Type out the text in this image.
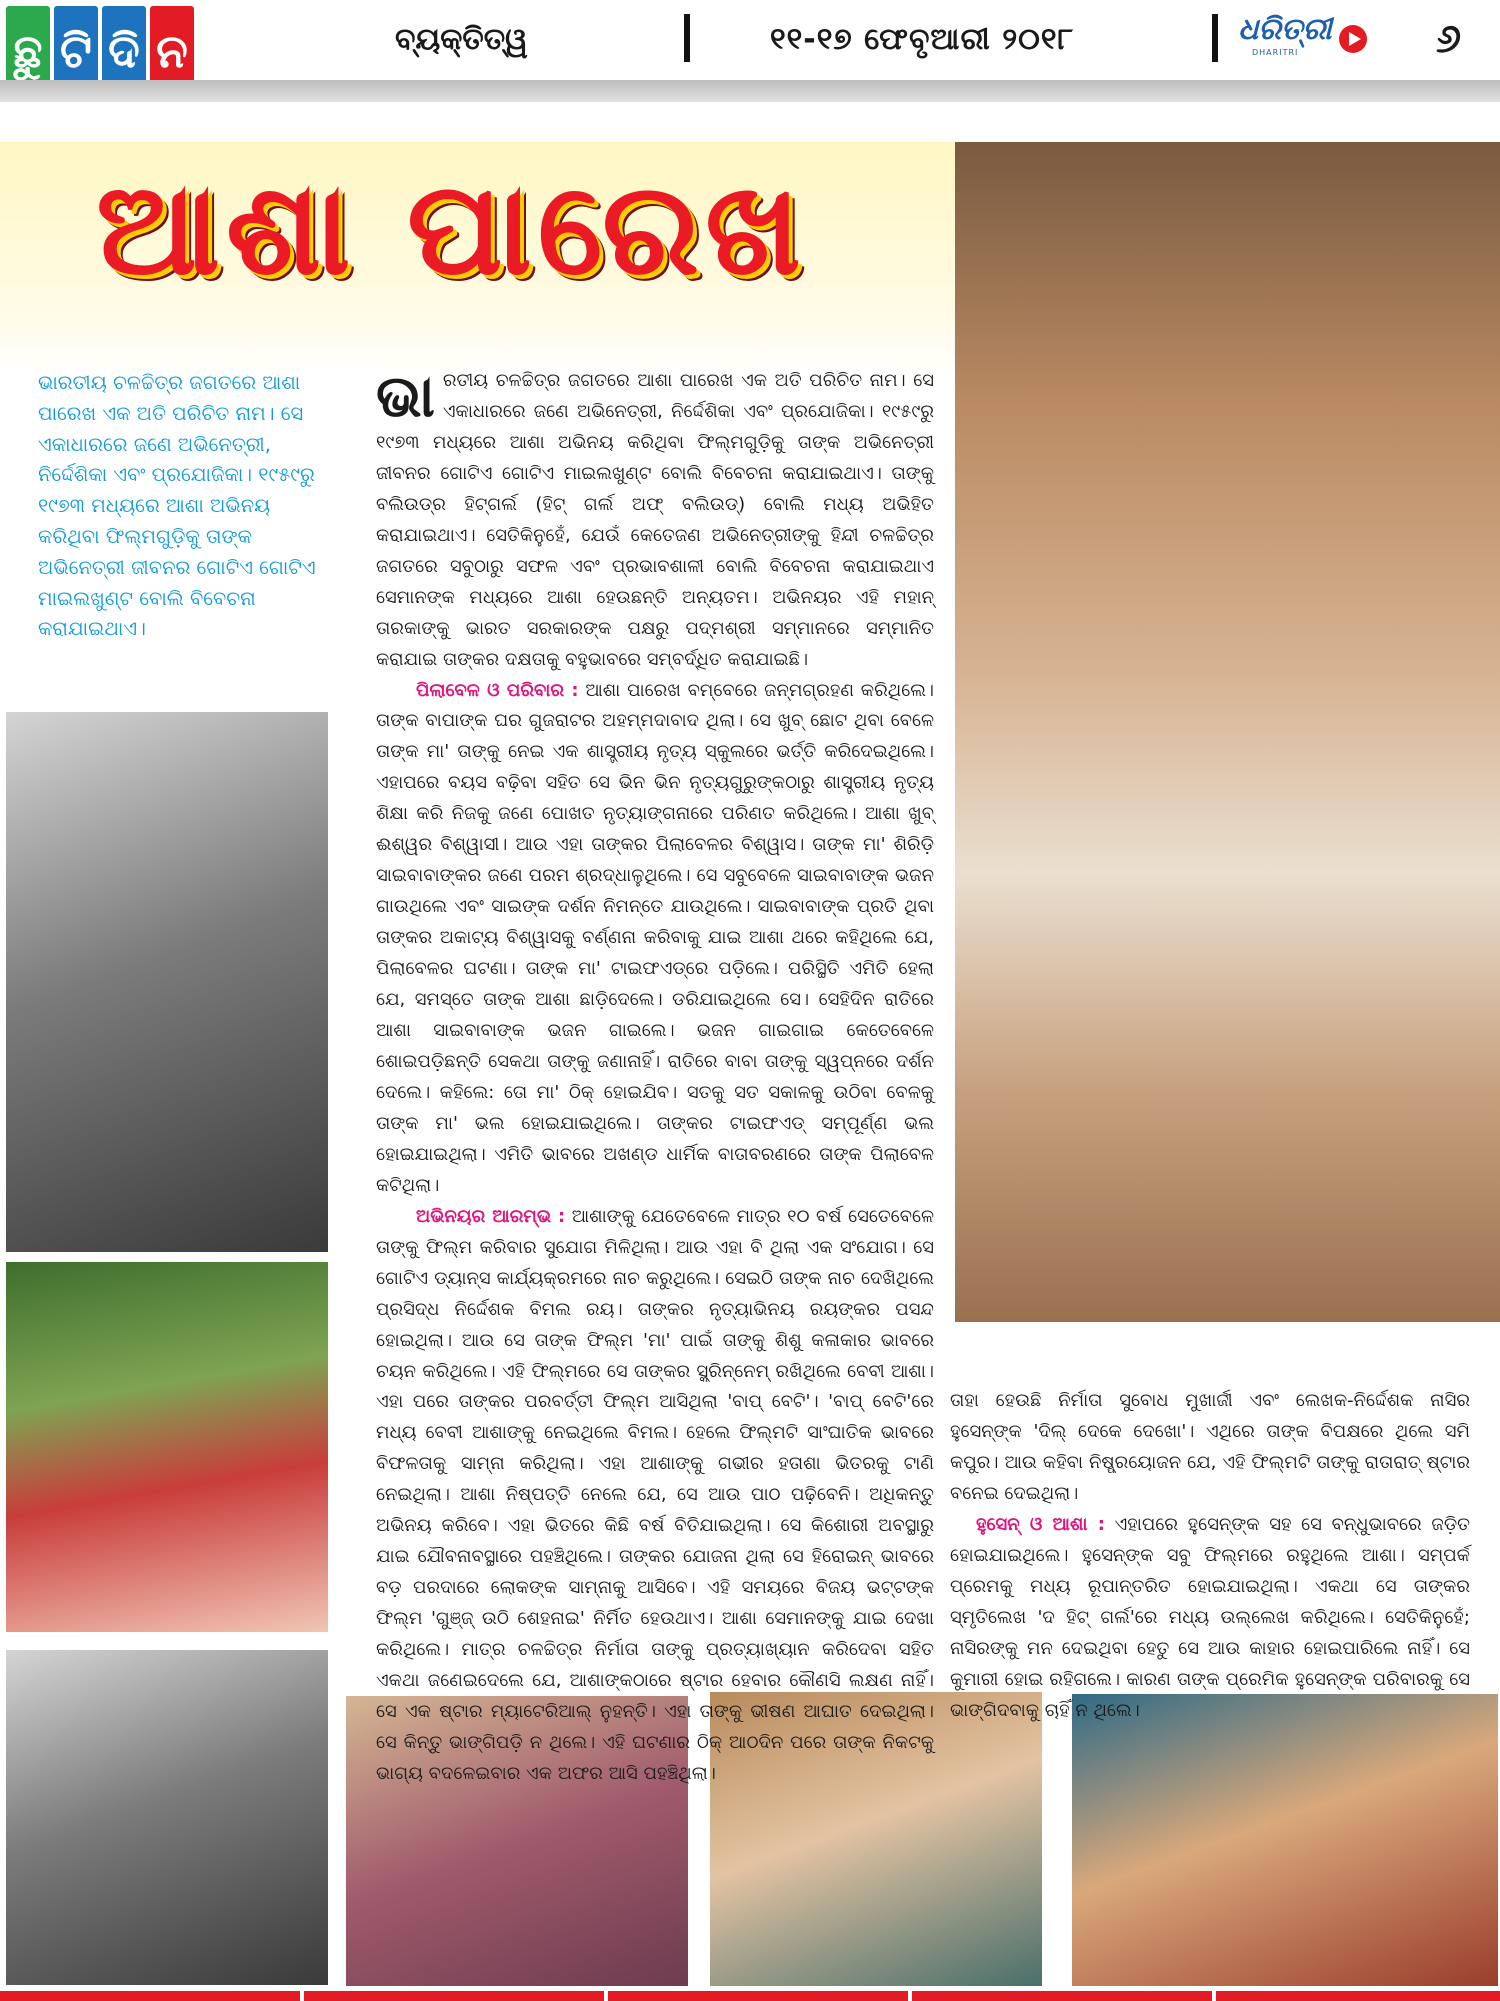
ଛୁ ଟି ଦି ନ	ବ୍ୟକ୍ତିତ୍ୱ	୧୧-୧୭ ଫେବୃଆରୀ ୨୦୧୮	ଧରିତ୍ରୀ
DHARITRI	୬
ଆଶା ପାରେଖ

ଭାରତୀୟ ଚଳଚ୍ଚିତ୍ର ଜଗତରେ ଆଶା ପାରେଖ ଏକ ଅତି ପରିଚିତ ନାମ। ସେ ଏକାଧାରରେ ଜଣେ ଅଭିନେତ୍ରୀ, ନିର୍ଦ୍ଦେଶିକା ଏବଂ ପ୍ରଯୋଜିକା। ୧୯୫୯ରୁ ୧୯୭୩ ମଧ୍ୟରେ ଆଶା ଅଭିନୟ କରିଥିବା ଫିଲ୍ମଗୁଡ଼ିକୁ ତାଙ୍କ ଅଭିନେତ୍ରୀ ଜୀବନର ଗୋଟିଏ ଗୋଟିଏ ମାଇଲଖୁଣ୍ଟ ବୋଲି ବିବେଚନା କରାଯାଇଥାଏ।

ଭାରତୀୟ ଚଳଚ୍ଚିତ୍ର ଜଗତରେ ଆଶା ପାରେଖ ଏକ ଅତି ପରିଚିତ ନାମ। ସେ ଏକାଧାରରେ ଜଣେ ଅଭିନେତ୍ରୀ, ନିର୍ଦ୍ଦେଶିକା ଏବଂ ପ୍ରଯୋଜିକା। ୧୯୫୯ରୁ ୧୯୭୩ ମଧ୍ୟରେ ଆଶା ଅଭିନୟ କରିଥିବା ଫିଲ୍ମଗୁଡ଼ିକୁ ତାଙ୍କ ଅଭିନେତ୍ରୀ ଜୀବନର ଗୋଟିଏ ଗୋଟିଏ ମାଇଲଖୁଣ୍ଟ ବୋଲି ବିବେଚନା କରାଯାଇଥାଏ। ତାଙ୍କୁ ବଲିଉଡ୍‌ର ହିଟ୍‌ଗର୍ଲ (ହିଟ୍ ଗର୍ଲ ଅଫ୍ ବଲିଉଡ୍) ବୋଲି ମଧ୍ୟ ଅଭିହିତ କରାଯାଇଥାଏ। ସେତିକିନୁହେଁ, ଯେଉଁ କେତେଜଣ ଅଭିନେତ୍ରୀଙ୍କୁ ହିନ୍ଦୀ ଚଳଚ୍ଚିତ୍ର ଜଗତରେ ସବୁଠାରୁ ସଫଳ ଏବଂ ପ୍ରଭାବଶାଳୀ ବୋଲି ବିବେଚନା କରାଯାଇଥାଏ ସେମାନଙ୍କ ମଧ୍ୟରେ ଆଶା ହେଉଛନ୍ତି ଅନ୍ୟତମ। ଅଭିନୟର ଏହି ମହାନ୍ ତାରକାଙ୍କୁ ଭାରତ ସରକାରଙ୍କ ପକ୍ଷରୁ ପଦ୍ମଶ୍ରୀ ସମ୍ମାନରେ ସମ୍ମାନିତ କରାଯାଇ ତାଙ୍କର ଦକ୍ଷତାକୁ ବହୁଭାବରେ ସମ୍ବର୍ଦ୍ଧିତ କରାଯାଇଛି।

ପିଲାବେଳ ଓ ପରିବାର : ଆଶା ପାରେଖ ବମ୍ବେରେ ଜନ୍ମଗ୍ରହଣ କରିଥିଲେ। ତାଙ୍କ ବାପାଙ୍କ ଘର ଗୁଜରାଟର ଅହମ୍ମଦାବାଦ ଥିଲା। ସେ ଖୁବ୍ ଛୋଟ ଥିବା ବେଳେ ତାଙ୍କ ମା' ତାଙ୍କୁ ନେଇ ଏକ ଶାସ୍ତ୍ରୀୟ ନୃତ୍ୟ ସ୍କୁଲରେ ଭର୍ତ୍ତି କରିଦେଇଥିଲେ। ଏହାପରେ ବୟସ ବଢ଼ିବା ସହିତ ସେ ଭିନ ଭିନ ନୃତ୍ୟଗୁରୁଙ୍କଠାରୁ ଶାସ୍ତ୍ରୀୟ ନୃତ୍ୟ ଶିକ୍ଷା କରି ନିଜକୁ ଜଣେ ପୋଖତ ନୃତ୍ୟାଙ୍ଗନାରେ ପରିଣତ କରିଥିଲେ। ଆଶା ଖୁବ୍ ଈଶ୍ୱର ବିଶ୍ୱାସୀ। ଆଉ ଏହା ତାଙ୍କର ପିଲାବେଳର ବିଶ୍ୱାସ। ତାଙ୍କ ମା' ଶିରିଡ଼ି ସାଇବାବାଙ୍କର ଜଣେ ପରମ ଶ୍ରଦ୍ଧାଳୁଥିଲେ। ସେ ସବୁବେଳେ ସାଇବାବାଙ୍କ ଭଜନ ଗାଉଥିଲେ ଏବଂ ସାଇଙ୍କ ଦର୍ଶନ ନିମନ୍ତେ ଯାଉଥିଲେ। ସାଇବାବାଙ୍କ ପ୍ରତି ଥିବା ତାଙ୍କର ଅକାଟ୍ୟ ବିଶ୍ୱାସକୁ ବର୍ଣ୍ଣନା କରିବାକୁ ଯାଇ ଆଶା ଥରେ କହିଥିଲେ ଯେ, ପିଲାବେଳର ଘଟଣା। ତାଙ୍କ ମା' ଟାଇଫଏଡ୍‌ରେ ପଡ଼ିଲେ। ପରିସ୍ଥିତି ଏମିତି ହେଲା ଯେ, ସମସ୍ତେ ତାଙ୍କ ଆଶା ଛାଡ଼ିଦେଲେ। ଡରିଯାଇଥିଲେ ସେ। ସେହିଦିନ ରାତିରେ ଆଶା ସାଇବାବାଙ୍କ ଭଜନ ଗାଇଲେ। ଭଜନ ଗାଇଗାଇ କେତେବେଳେ ଶୋଇପଡ଼ିଛନ୍ତି ସେକଥା ତାଙ୍କୁ ଜଣାନାହିଁ। ରାତିରେ ବାବା ତାଙ୍କୁ ସ୍ୱପ୍ନରେ ଦର୍ଶନ ଦେଲେ। କହିଲେ: ତୋ ମା' ଠିକ୍ ହୋଇଯିବ। ସତକୁ ସତ ସକାଳକୁ ଉଠିବା ବେଳକୁ ତାଙ୍କ ମା' ଭଲ ହୋଇଯାଇଥିଲେ। ତାଙ୍କର ଟାଇଫଏଡ୍ ସମ୍ପୂର୍ଣ୍ଣ ଭଲ ହୋଇଯାଇଥିଲା। ଏମିତି ଭାବରେ ଅଖଣ୍ଡ ଧାର୍ମିକ ବାତାବରଣରେ ତାଙ୍କ ପିଲାବେଳ କଟିଥିଲା।

ଅଭିନୟର ଆରମ୍ଭ : ଆଶାଙ୍କୁ ଯେତେବେଳେ ମାତ୍ର ୧୦ ବର୍ଷ ସେତେବେଳେ ତାଙ୍କୁ ଫିଲ୍ମ କରିବାର ସୁଯୋଗ ମିଳିଥିଲା। ଆଉ ଏହା ବି ଥିଲା ଏକ ସଂଯୋଗ। ସେ ଗୋଟିଏ ଡ୍ୟାନ୍ସ କାର୍ଯ୍ୟକ୍ରମରେ ନାଚ କରୁଥିଲେ। ସେଇଠି ତାଙ୍କ ନାଚ ଦେଖିଥିଲେ ପ୍ରସିଦ୍ଧ ନିର୍ଦ୍ଦେଶକ ବିମଲ ରୟ। ତାଙ୍କର ନୃତ୍ୟାଭିନୟ ରୟଙ୍କର ପସନ୍ଦ ହୋଇଥିଲା। ଆଉ ସେ ତାଙ୍କ ଫିଲ୍ମ 'ମା' ପାଇଁ ତାଙ୍କୁ ଶିଶୁ କଳାକାର ଭାବରେ ଚୟନ କରିଥିଲେ। ଏହି ଫିଲ୍ମରେ ସେ ତାଙ୍କର ସ୍କ୍ରିନ୍‌ନେମ୍ ରଖିଥିଲେ ବେବୀ ଆଶା। ଏହା ପରେ ତାଙ୍କର ପରବର୍ତ୍ତୀ ଫିଲ୍ମ ଆସିଥିଲା 'ବାପ୍ ବେଟି'। 'ବାପ୍ ବେଟି'ରେ ମଧ୍ୟ ବେବୀ ଆଶାଙ୍କୁ ନେଇଥିଲେ ବିମଲ। ହେଲେ ଫିଲ୍ମଟି ସାଂଘାତିକ ଭାବରେ ବିଫଳତାକୁ ସାମ୍ନା କରିଥିଲା। ଏହା ଆଶାଙ୍କୁ ଗଭୀର ହତାଶା ଭିତରକୁ ଟାଣି ନେଇଥିଲା। ଆଶା ନିଷ୍ପତ୍ତି ନେଲେ ଯେ, ସେ ଆଉ ପାଠ ପଢ଼ିବେନି। ଅଧିକନ୍ତୁ ଅଭିନୟ କରିବେ। ଏହା ଭିତରେ କିଛି ବର୍ଷ ବିତିଯାଇଥିଲା। ସେ କିଶୋରୀ ଅବସ୍ଥାରୁ ଯାଇ ଯୌବନାବସ୍ଥାରେ ପହଞ୍ଚିଥିଲେ। ତାଙ୍କର ଯୋଜନା ଥିଲା ସେ ହିରୋଇନ୍ ଭାବରେ ବଡ଼ ପରଦାରେ ଲୋକଙ୍କ ସାମ୍ନାକୁ ଆସିବେ। ଏହି ସମୟରେ ବିଜୟ ଭଟ୍ଟଙ୍କ ଫିଲ୍ମ 'ଗୁଞ୍ଜ୍ ଉଠି ଶେହନାଇ' ନିର୍ମିତ ହେଉଥାଏ। ଆଶା ସେମାନଙ୍କୁ ଯାଇ ଦେଖା କରିଥିଲେ। ମାତ୍ର ଚଳଚ୍ଚିତ୍ର ନିର୍ମାତା ତାଙ୍କୁ ପ୍ରତ୍ୟାଖ୍ୟାନ କରିଦେବା ସହିତ ଏକଥା ଜଣେଇଦେଲେ ଯେ, ଆଶାଙ୍କଠାରେ ଷ୍ଟାର ହେବାର କୌଣସି ଲକ୍ଷଣ ନାହିଁ। ସେ ଏକ ଷ୍ଟାର ମ୍ୟାଟେରିଆଲ୍ ନୁହନ୍ତି। ଏହା ତାଙ୍କୁ ଭୀଷଣ ଆଘାତ ଦେଇଥିଲା। ସେ କିନ୍ତୁ ଭାଙ୍ଗିପଡ଼ି ନ ଥିଲେ। ଏହି ଘଟଣାର ଠିକ୍ ଆଠଦିନ ପରେ ତାଙ୍କ ନିକଟକୁ ଭାଗ୍ୟ ବଦଳେଇବାର ଏକ ଅଫର ଆସି ପହଞ୍ଚିଥିଲା।

ତାହା ହେଉଛି ନିର୍ମାତା ସୁବୋଧ ମୁଖାର୍ଜୀ ଏବଂ ଲେଖକ-ନିର୍ଦ୍ଦେଶକ ନାସିର ହୁସେନ୍‌ଙ୍କ 'ଦିଲ୍ ଦେକେ ଦେଖୋ'। ଏଥିରେ ତାଙ୍କ ବିପକ୍ଷରେ ଥିଲେ ସମି କପୁର। ଆଉ କହିବା ନିଷ୍ପ୍ରୟୋଜନ ଯେ, ଏହି ଫିଲ୍ମଟି ତାଙ୍କୁ ରାତାରାତ୍ ଷ୍ଟାର ବନେଇ ଦେଇଥିଲା।

ହୁସେନ୍ ଓ ଆଶା : ଏହାପରେ ହୁସେନ୍‌ଙ୍କ ସହ ସେ ବନ୍ଧୁଭାବରେ ଜଡ଼ିତ ହୋଇଯାଇଥିଲେ। ହୁସେନ୍‌ଙ୍କ ସବୁ ଫିଲ୍ମରେ ରହୁଥିଲେ ଆଶା। ସମ୍ପର୍କ ପ୍ରେମକୁ ମଧ୍ୟ ରୂପାନ୍ତରିତ ହୋଇଯାଇଥିଲା। ଏକଥା ସେ ତାଙ୍କର ସ୍ମୃତିଲେଖ 'ଦ ହିଟ୍ ଗର୍ଲ'ରେ ମଧ୍ୟ ଉଲ୍ଲେଖ କରିଥିଲେ। ସେତିକିନୁହେଁ; ନାସିରଙ୍କୁ ମନ ଦେଇଥିବା ହେତୁ ସେ ଆଉ କାହାର ହୋଇପାରିଲେ ନାହିଁ। ସେ କୁମାରୀ ହୋଇ ରହିଗଲେ। କାରଣ ତାଙ୍କ ପ୍ରେମିକ ହୁସେନ୍‌ଙ୍କ ପରିବାରକୁ ସେ ଭାଙ୍ଗିଦବାକୁ ଚାହିଁ ନ ଥିଲେ।
